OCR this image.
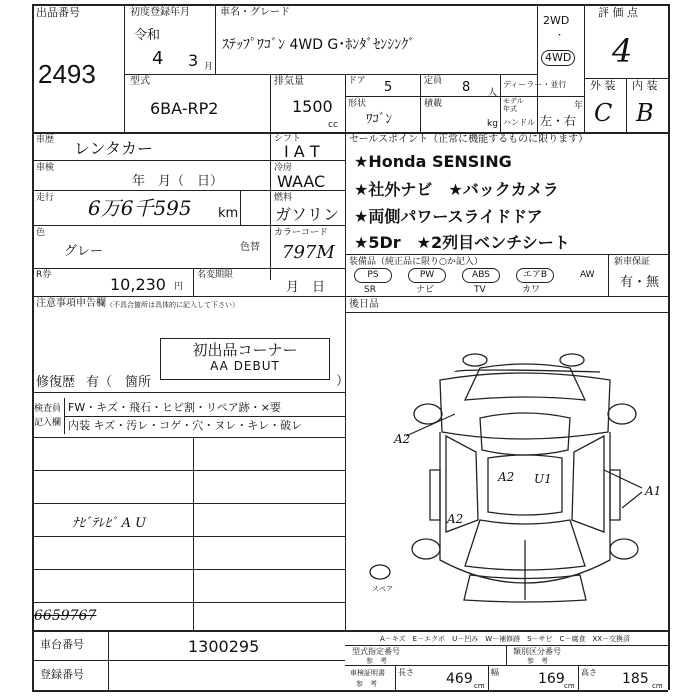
出品番号
2493
初度登録年月
令和
4 3 月
車名・グレード
ｽﾃｯﾌﾟﾜｺﾞﾝ 4WD G･ﾎﾝﾀﾞｾﾝｼﾝｸﾞ
2WD
・
4WD
評 価 点
4
外 装 内 装
C B
型式
6BA-RP2
排気量
1500
cc
ドア 5	定員 8 人
ディーラー・並行
モデル
年式	年
形状
ﾜｺﾞﾝ
積載
kg ハンドル 左・右
車歴 レンタカー	シフト
I A T
車検
年　月（　日）
冷房
WAAC
走行 6万6千595 km
燃料
ガソリン
色
グレー	色替
カラーコード
797M
R券	10,230 円
名変期限
月　日
セールスポイント（正常に機能するものに限ります）
★Honda SENSING
★社外ナビ　★バックカメラ
★両側パワースライドドア
★5Dr　★2列目ベンチシート
装備品（純正品に限り○か記入）
PS	PW	ABS	エアB	AW
SR	ナビ	TV	カワ
新車保証
有・無
注意事項申告欄 （不具合箇所は具体的に記入して下さい）
初出品コーナー
AA DEBUT
修復歴 有（　箇所	）
後日品
検査員
記入欄
FW・キズ・飛石・ヒビ割・リペア跡・×要
内装 キズ・汚レ・コゲ・穴・ヌレ・キレ・破レ
ﾅﾋﾞﾃﾚﾋﾞ A U
6659767
A2
A2 U1
A1
A2
スペア
A－キズ　E－エクボ　U－凹み　W－補修跡　S－サビ　C－腐食　XX－交換済
車台番号	1300295
登録番号
型式指定番号
参　考
類別区分番号
参　考
車検証明書
参　考
長さ 469 cm
幅	169 cm
高さ 185 cm
